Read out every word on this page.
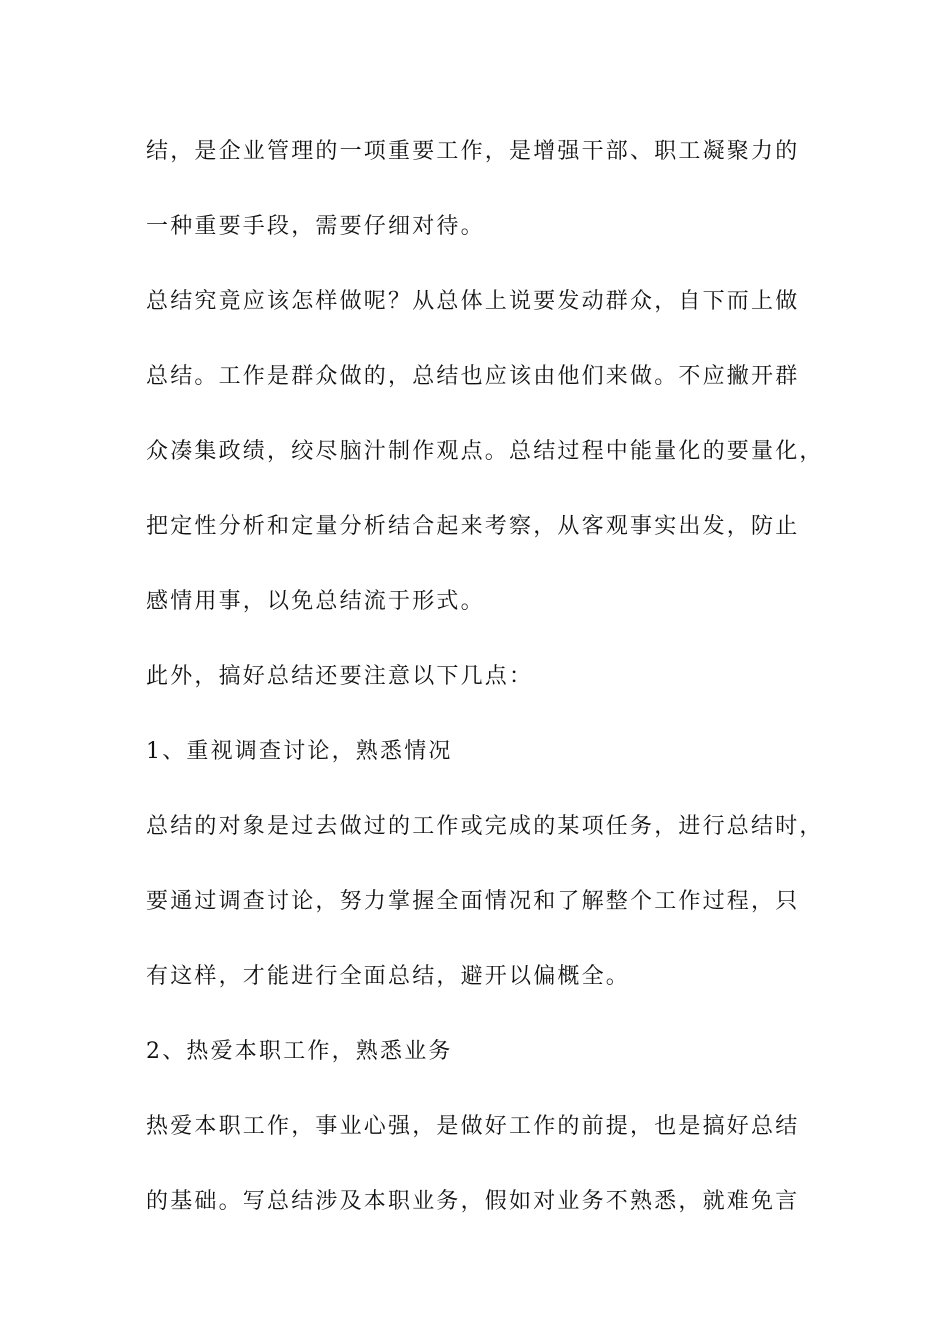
结，是企业管理的一项重要工作，是增强干部、职工凝聚力的

一种重要手段，需要仔细对待。

总结究竟应该怎样做呢？从总体上说要发动群众，自下而上做

总结。工作是群众做的，总结也应该由他们来做。不应撇开群

众凑集政绩，绞尽脑汁制作观点。总结过程中能量化的要量化，

把定性分析和定量分析结合起来考察，从客观事实出发，防止

感情用事，以免总结流于形式。

此外，搞好总结还要注意以下几点：

1、重视调查讨论，熟悉情况

总结的对象是过去做过的工作或完成的某项任务，进行总结时，

要通过调查讨论，努力掌握全面情况和了解整个工作过程，只

有这样，才能进行全面总结，避开以偏概全。

2、热爱本职工作，熟悉业务

热爱本职工作，事业心强，是做好工作的前提，也是搞好总结

的基础。写总结涉及本职业务，假如对业务不熟悉，就难免言
